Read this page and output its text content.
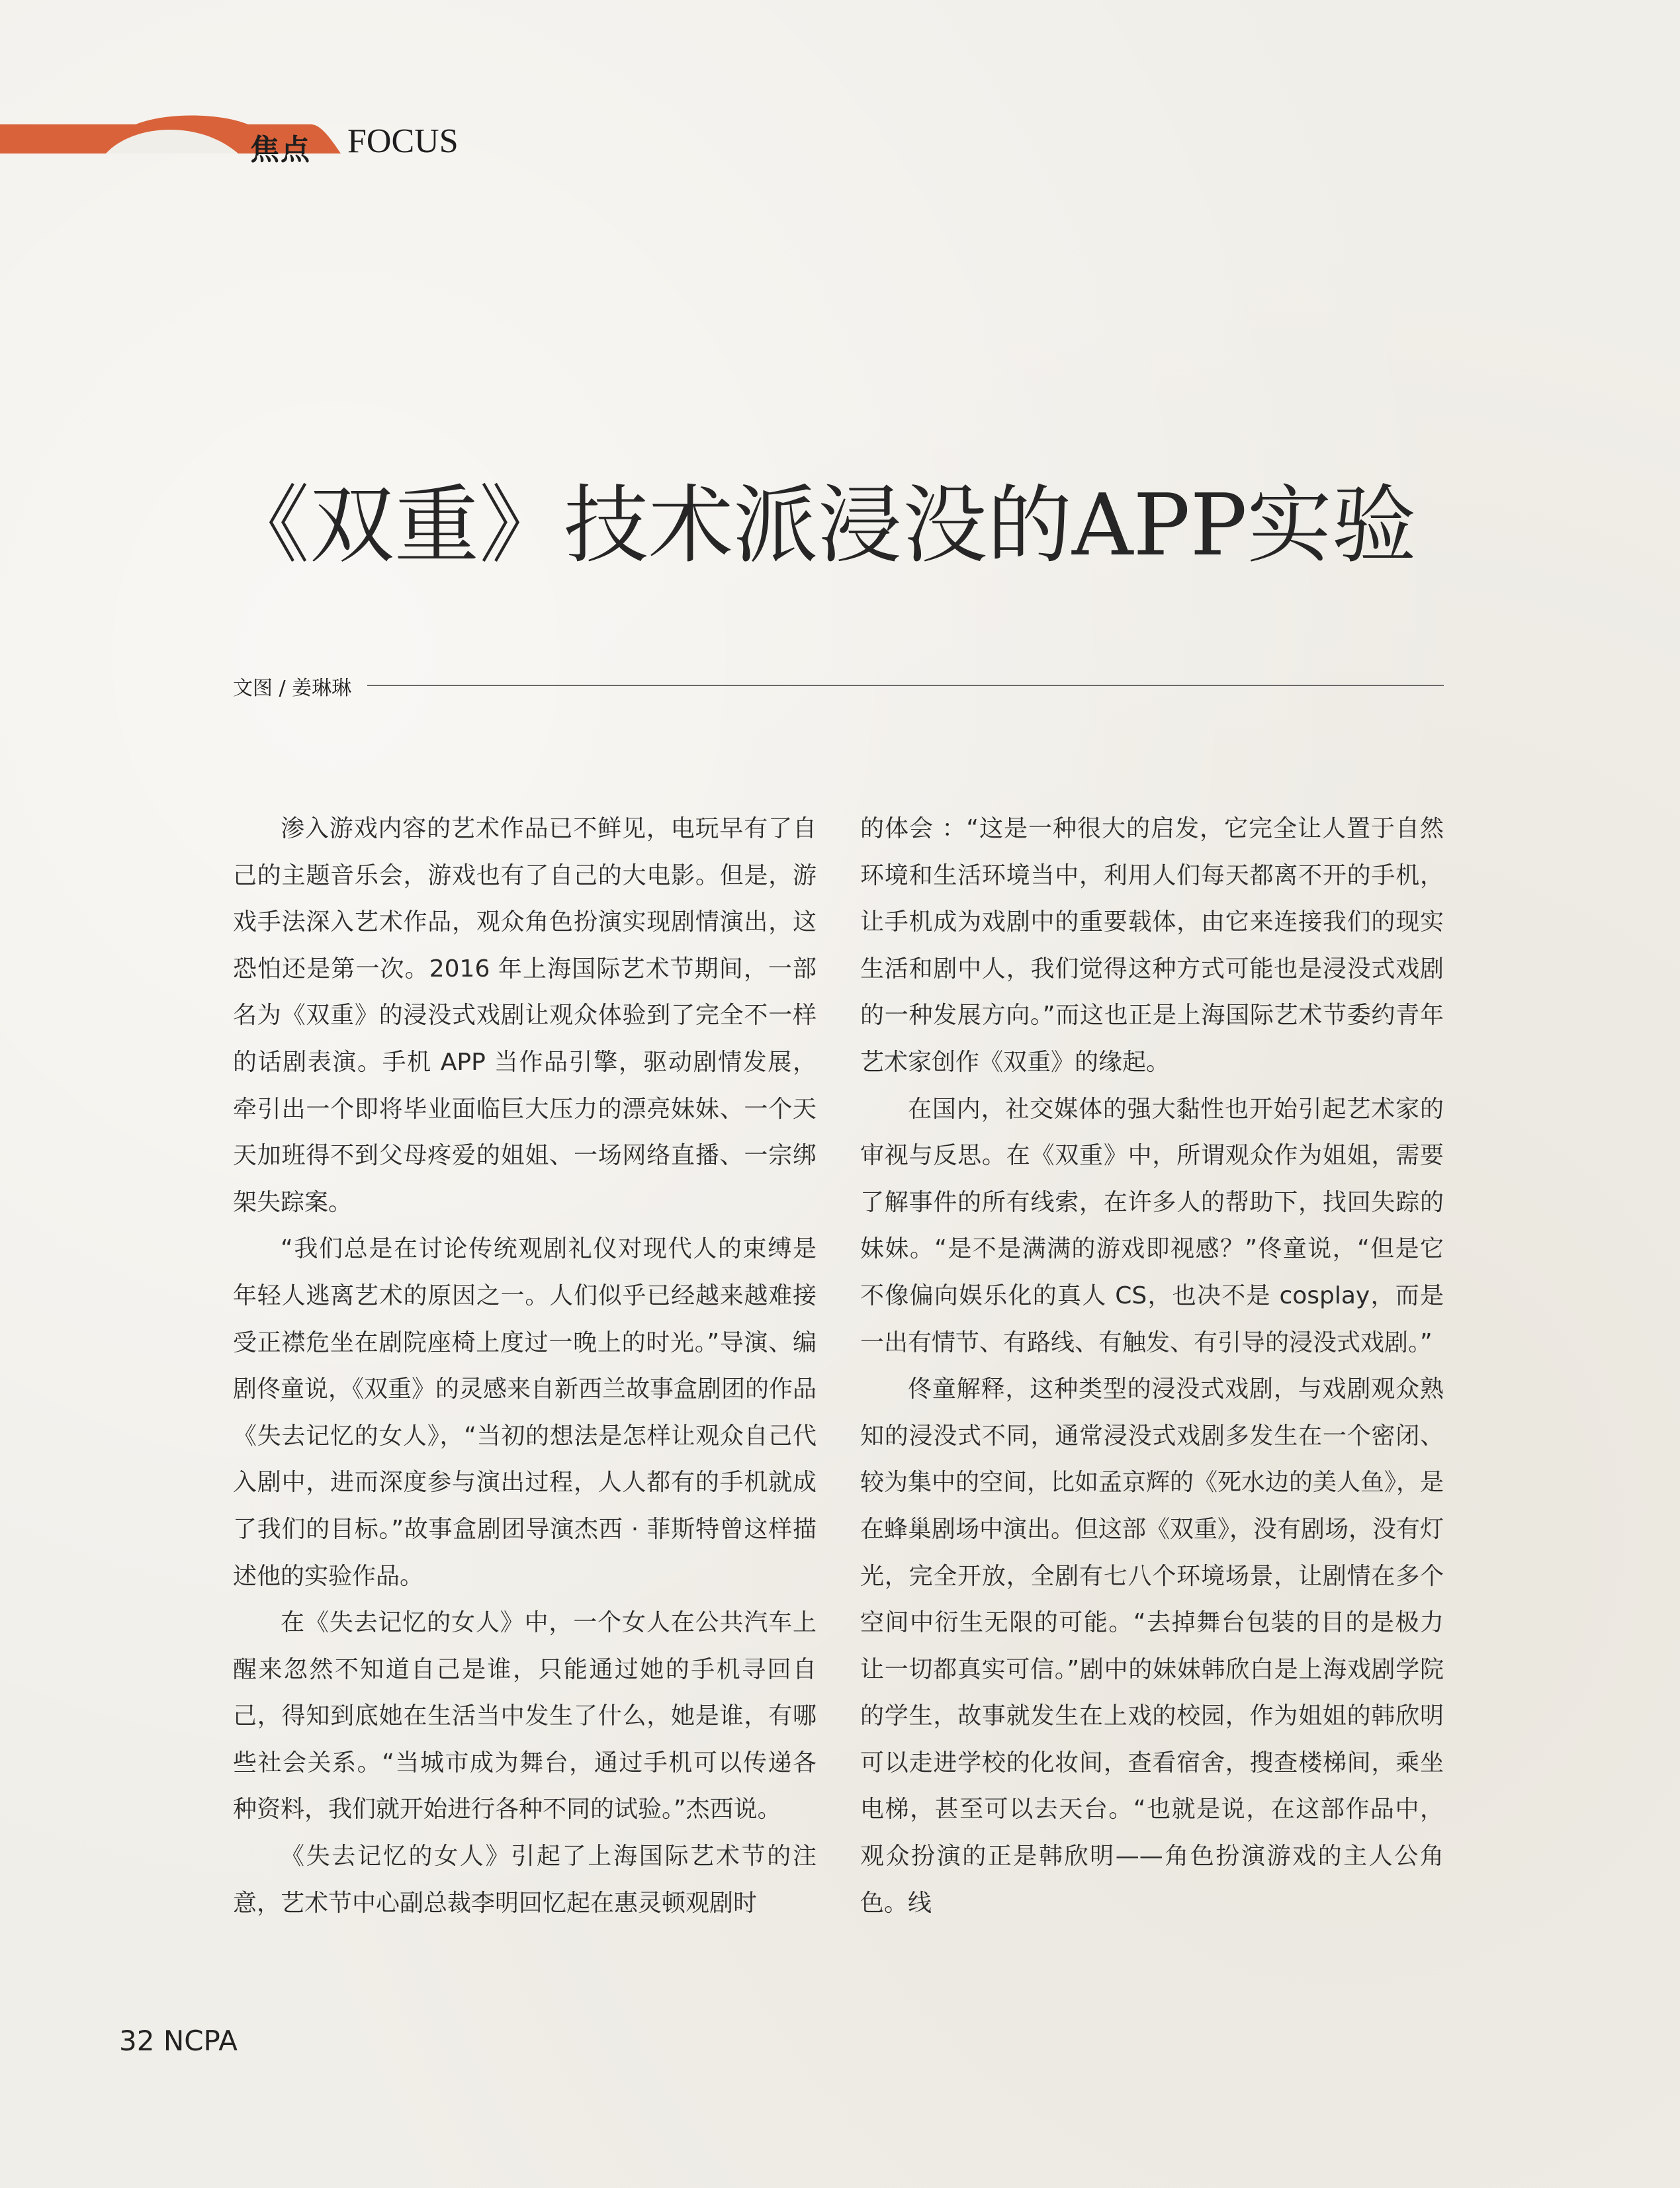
焦点 FOCUS
《双重》技术派浸没的APP实验
文图 / 姜琳琳

渗入游戏内容的艺术作品已不鲜见，电玩早有了自己的主题音乐会，游戏也有了自己的大电影。但是，游戏手法深入艺术作品，观众角色扮演实现剧情演出，这恐怕还是第一次。2016 年上海国际艺术节期间，一部名为《双重》的浸没式戏剧让观众体验到了完全不一样的话剧表演。手机 APP 当作品引擎，驱动剧情发展，牵引出一个即将毕业面临巨大压力的漂亮妹妹、一个天天加班得不到父母疼爱的姐姐、一场网络直播、一宗绑架失踪案。

“我们总是在讨论传统观剧礼仪对现代人的束缚是年轻人逃离艺术的原因之一。人们似乎已经越来越难接受正襟危坐在剧院座椅上度过一晚上的时光。”导演、编剧佟童说，《双重》的灵感来自新西兰故事盒剧团的作品《失去记忆的女人》，“当初的想法是怎样让观众自己代入剧中，进而深度参与演出过程，人人都有的手机就成了我们的目标。”故事盒剧团导演杰西 · 菲斯特曾这样描述他的实验作品。

在《失去记忆的女人》中，一个女人在公共汽车上醒来忽然不知道自己是谁，只能通过她的手机寻回自己，得知到底她在生活当中发生了什么，她是谁，有哪些社会关系。“当城市成为舞台，通过手机可以传递各种资料，我们就开始进行各种不同的试验。”杰西说。

《失去记忆的女人》引起了上海国际艺术节的注意，艺术节中心副总裁李明回忆起在惠灵顿观剧时

的体会 ：“这是一种很大的启发，它完全让人置于自然环境和生活环境当中，利用人们每天都离不开的手机，让手机成为戏剧中的重要载体，由它来连接我们的现实生活和剧中人，我们觉得这种方式可能也是浸没式戏剧的一种发展方向。”而这也正是上海国际艺术节委约青年艺术家创作《双重》的缘起。

在国内，社交媒体的强大黏性也开始引起艺术家的审视与反思。在《双重》中，所谓观众作为姐姐，需要了解事件的所有线索，在许多人的帮助下，找回失踪的妹妹。“是不是满满的游戏即视感？”佟童说，“但是它不像偏向娱乐化的真人 CS，也决不是 cosplay，而是一出有情节、有路线、有触发、有引导的浸没式戏剧。”

佟童解释，这种类型的浸没式戏剧，与戏剧观众熟知的浸没式不同，通常浸没式戏剧多发生在一个密闭、较为集中的空间，比如孟京辉的《死水边的美人鱼》，是在蜂巢剧场中演出。但这部《双重》，没有剧场，没有灯光，完全开放，全剧有七八个环境场景，让剧情在多个空间中衍生无限的可能。“去掉舞台包装的目的是极力让一切都真实可信。”剧中的妹妹韩欣白是上海戏剧学院的学生，故事就发生在上戏的校园，作为姐姐的韩欣明可以走进学校的化妆间，查看宿舍，搜查楼梯间，乘坐电梯，甚至可以去天台。“也就是说，在这部作品中，观众扮演的正是韩欣明——角色扮演游戏的主人公角色。线

32 NCPA
